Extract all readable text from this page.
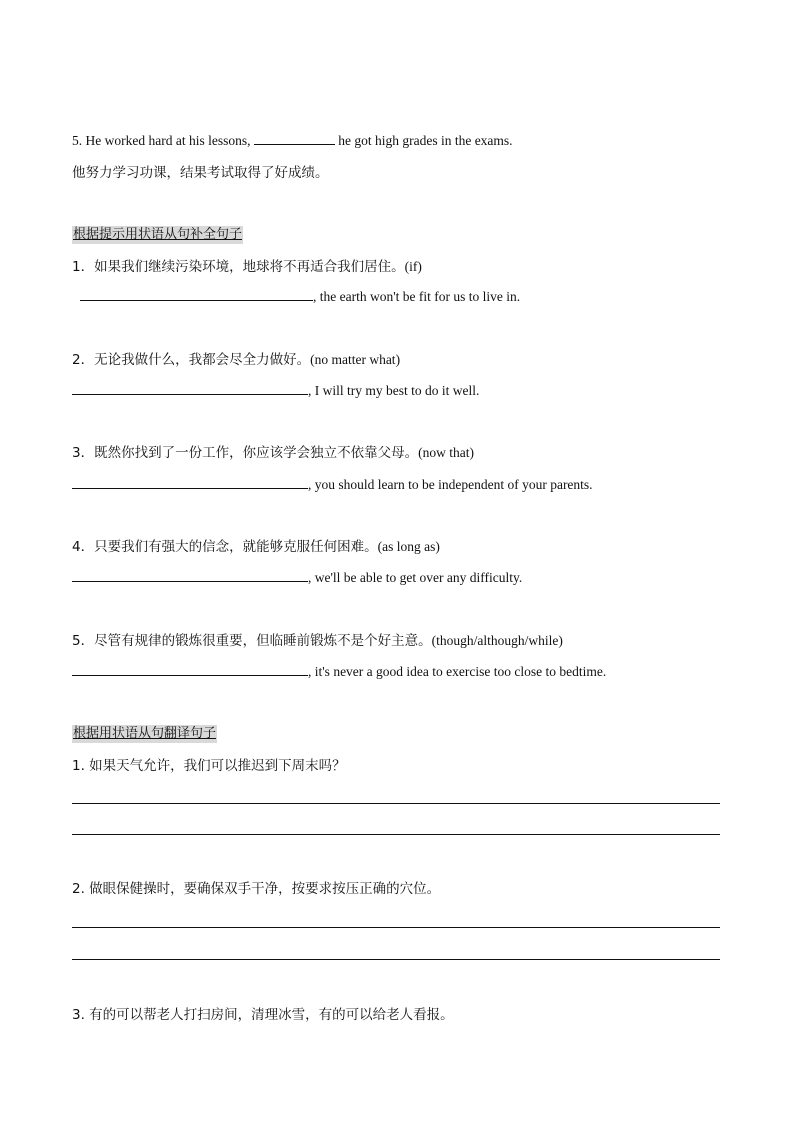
5. He worked hard at his lessons,	he got high grades in the exams.
他努力学习功课，结果考试取得了好成绩。
根据提示用状语从句补全句子
1．如果我们继续污染环境，地球将不再适合我们居住。(if)
, the earth won't be fit for us to live in.
2．无论我做什么，我都会尽全力做好。(no matter what)
, I will try my best to do it well.
3．既然你找到了一份工作，你应该学会独立不依靠父母。(now that)
, you should learn to be independent of your parents.
4．只要我们有强大的信念，就能够克服任何困难。(as long as)
, we'll be able to get over any difficulty.
5．尽管有规律的锻炼很重要，但临睡前锻炼不是个好主意。(though/although/while)
, it's never a good idea to exercise too close to bedtime.
根据用状语从句翻译句子
1. 如果天气允许，我们可以推迟到下周末吗？
2. 做眼保健操时，要确保双手干净，按要求按压正确的穴位。
3. 有的可以帮老人打扫房间，清理冰雪，有的可以给老人看报。
